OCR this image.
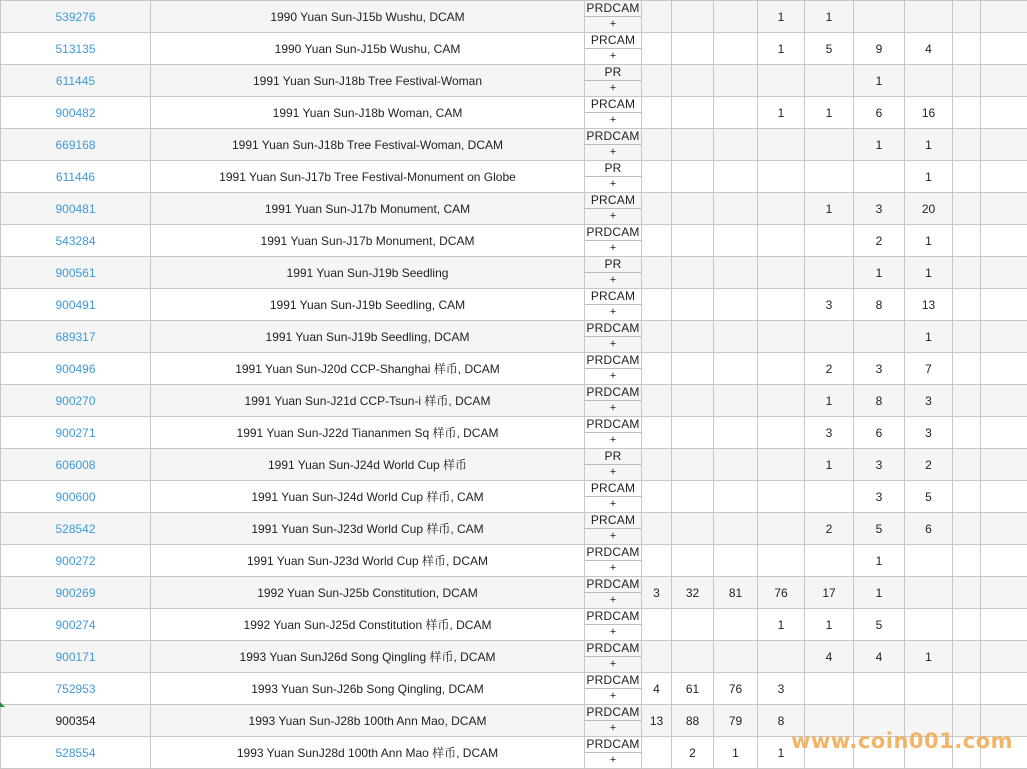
539276	1990 Yuan Sun-J15b Wushu, DCAM	PRDCAM
+				1	1					
513135	1990 Yuan Sun-J15b Wushu, CAM	PRCAM
+				1	5	9	4			
611445	1991 Yuan Sun-J18b Tree Festival-Woman	PR
+						1				
900482	1991 Yuan Sun-J18b Woman, CAM	PRCAM
+				1	1	6	16			
669168	1991 Yuan Sun-J18b Tree Festival-Woman, DCAM	PRDCAM
+						1	1			
611446	1991 Yuan Sun-J17b Tree Festival-Monument on Globe	PR
+							1			
900481	1991 Yuan Sun-J17b Monument, CAM	PRCAM
+					1	3	20			
543284	1991 Yuan Sun-J17b Monument, DCAM	PRDCAM
+						2	1			
900561	1991 Yuan Sun-J19b Seedling	PR
+						1	1			
900491	1991 Yuan Sun-J19b Seedling, CAM	PRCAM
+					3	8	13			
689317	1991 Yuan Sun-J19b Seedling, DCAM	PRDCAM
+							1			
900496	1991 Yuan Sun-J20d CCP-Shanghai 样币, DCAM	PRDCAM
+					2	3	7			
900270	1991 Yuan Sun-J21d CCP-Tsun-i 样币, DCAM	PRDCAM
+					1	8	3			
900271	1991 Yuan Sun-J22d Tiananmen Sq 样币, DCAM	PRDCAM
+					3	6	3			
606008	1991 Yuan Sun-J24d World Cup 样币	PR
+					1	3	2			
900600	1991 Yuan Sun-J24d World Cup 样币, CAM	PRCAM
+						3	5			
528542	1991 Yuan Sun-J23d World Cup 样币, CAM	PRCAM
+					2	5	6			
900272	1991 Yuan Sun-J23d World Cup 样币, DCAM	PRDCAM
+						1				
900269	1992 Yuan Sun-J25b Constitution, DCAM	PRDCAM
+	3	32	81	76	17	1				
900274	1992 Yuan Sun-J25d Constitution 样币, DCAM	PRDCAM
+				1	1	5				
900171	1993 Yuan SunJ26d Song Qingling 样币, DCAM	PRDCAM
+					4	4	1			
752953	1993 Yuan Sun-J26b Song Qingling, DCAM	PRDCAM
+	4	61	76	3						
900354	1993 Yuan Sun-J28b 100th Ann Mao, DCAM	PRDCAM
+	13	88	79	8						
528554	1993 Yuan SunJ28d 100th Ann Mao 样币, DCAM	PRDCAM
+		2	1	1						www.coin001.com
